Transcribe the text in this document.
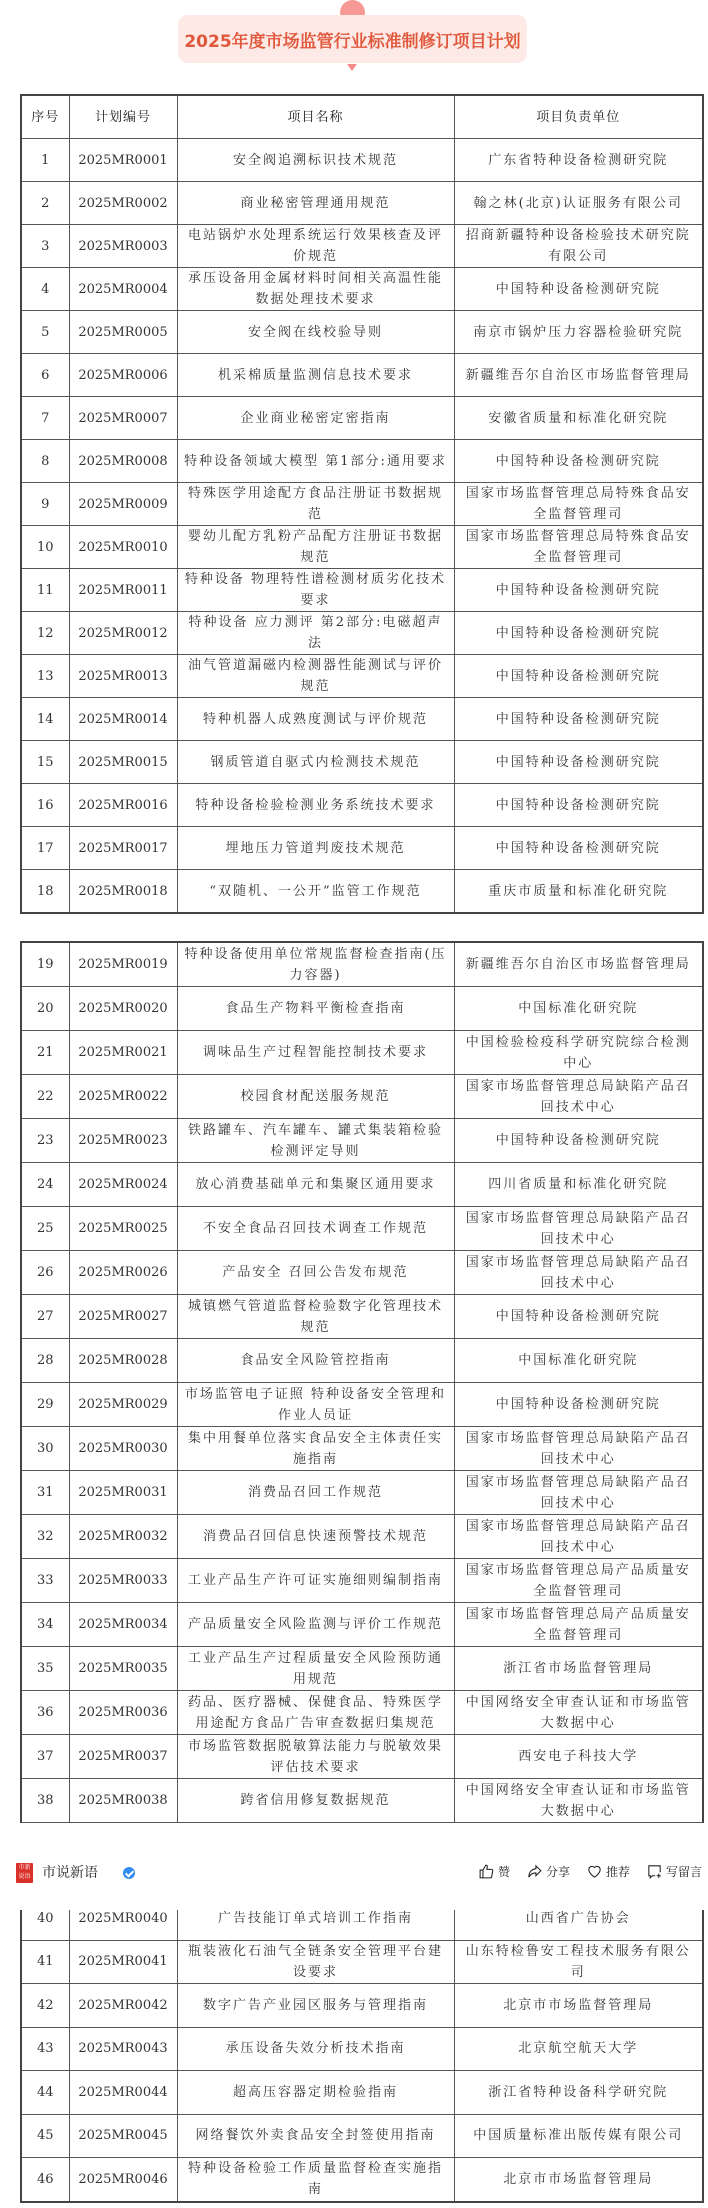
2025年度市场监管行业标准制修订项目计划
序号	计划编号	项目名称	项目负责单位
1	2025MR0001	安全阀追溯标识技术规范	广东省特种设备检测研究院
2	2025MR0002	商业秘密管理通用规范	翰之林(北京)认证服务有限公司
3	2025MR0003	电站锅炉水处理系统运行效果核查及评价规范	招商新疆特种设备检验技术研究院有限公司
4	2025MR0004	承压设备用金属材料时间相关高温性能数据处理技术要求	中国特种设备检测研究院
5	2025MR0005	安全阀在线校验导则	南京市锅炉压力容器检验研究院
6	2025MR0006	机采棉质量监测信息技术要求	新疆维吾尔自治区市场监督管理局
7	2025MR0007	企业商业秘密定密指南	安徽省质量和标准化研究院
8	2025MR0008	特种设备领域大模型 第1部分:通用要求	中国特种设备检测研究院
9	2025MR0009	特殊医学用途配方食品注册证书数据规范	国家市场监督管理总局特殊食品安全监督管理司
10	2025MR0010	婴幼儿配方乳粉产品配方注册证书数据规范	国家市场监督管理总局特殊食品安全监督管理司
11	2025MR0011	特种设备 物理特性谱检测材质劣化技术要求	中国特种设备检测研究院
12	2025MR0012	特种设备 应力测评 第2部分:电磁超声法	中国特种设备检测研究院
13	2025MR0013	油气管道漏磁内检测器性能测试与评价规范	中国特种设备检测研究院
14	2025MR0014	特种机器人成熟度测试与评价规范	中国特种设备检测研究院
15	2025MR0015	钢质管道自驱式内检测技术规范	中国特种设备检测研究院
16	2025MR0016	特种设备检验检测业务系统技术要求	中国特种设备检测研究院
17	2025MR0017	埋地压力管道判废技术规范	中国特种设备检测研究院
18	2025MR0018	“双随机、一公开”监管工作规范	重庆市质量和标准化研究院
19	2025MR0019	特种设备使用单位常规监督检查指南(压力容器)	新疆维吾尔自治区市场监督管理局
20	2025MR0020	食品生产物料平衡检查指南	中国标准化研究院
21	2025MR0021	调味品生产过程智能控制技术要求	中国检验检疫科学研究院综合检测中心
22	2025MR0022	校园食材配送服务规范	国家市场监督管理总局缺陷产品召回技术中心
23	2025MR0023	铁路罐车、汽车罐车、罐式集装箱检验检测评定导则	中国特种设备检测研究院
24	2025MR0024	放心消费基础单元和集聚区通用要求	四川省质量和标准化研究院
25	2025MR0025	不安全食品召回技术调查工作规范	国家市场监督管理总局缺陷产品召回技术中心
26	2025MR0026	产品安全 召回公告发布规范	国家市场监督管理总局缺陷产品召回技术中心
27	2025MR0027	城镇燃气管道监督检验数字化管理技术规范	中国特种设备检测研究院
28	2025MR0028	食品安全风险管控指南	中国标准化研究院
29	2025MR0029	市场监管电子证照 特种设备安全管理和作业人员证	中国特种设备检测研究院
30	2025MR0030	集中用餐单位落实食品安全主体责任实施指南	国家市场监督管理总局缺陷产品召回技术中心
31	2025MR0031	消费品召回工作规范	国家市场监督管理总局缺陷产品召回技术中心
32	2025MR0032	消费品召回信息快速预警技术规范	国家市场监督管理总局缺陷产品召回技术中心
33	2025MR0033	工业产品生产许可证实施细则编制指南	国家市场监督管理总局产品质量安全监督管理司
34	2025MR0034	产品质量安全风险监测与评价工作规范	国家市场监督管理总局产品质量安全监督管理司
35	2025MR0035	工业产品生产过程质量安全风险预防通用规范	浙江省市场监督管理局
36	2025MR0036	药品、医疗器械、保健食品、特殊医学用途配方食品广告审查数据归集规范	中国网络安全审查认证和市场监管大数据中心
37	2025MR0037	市场监管数据脱敏算法能力与脱敏效果评估技术要求	西安电子科技大学
38	2025MR0038	跨省信用修复数据规范	中国网络安全审查认证和市场监管大数据中心
40	2025MR0040	广告技能订单式培训工作指南	山西省广告协会
41	2025MR0041	瓶装液化石油气全链条安全管理平台建设要求	山东特检鲁安工程技术服务有限公司
42	2025MR0042	数字广告产业园区服务与管理指南	北京市市场监督管理局
43	2025MR0043	承压设备失效分析技术指南	北京航空航天大学
44	2025MR0044	超高压容器定期检验指南	浙江省特种设备科学研究院
45	2025MR0045	网络餐饮外卖食品安全封签使用指南	中国质量标准出版传媒有限公司
46	2025MR0046	特种设备检验工作质量监督检查实施指南	北京市市场监督管理局
市新说语 市说新语	赞	分享	推荐	写留言
